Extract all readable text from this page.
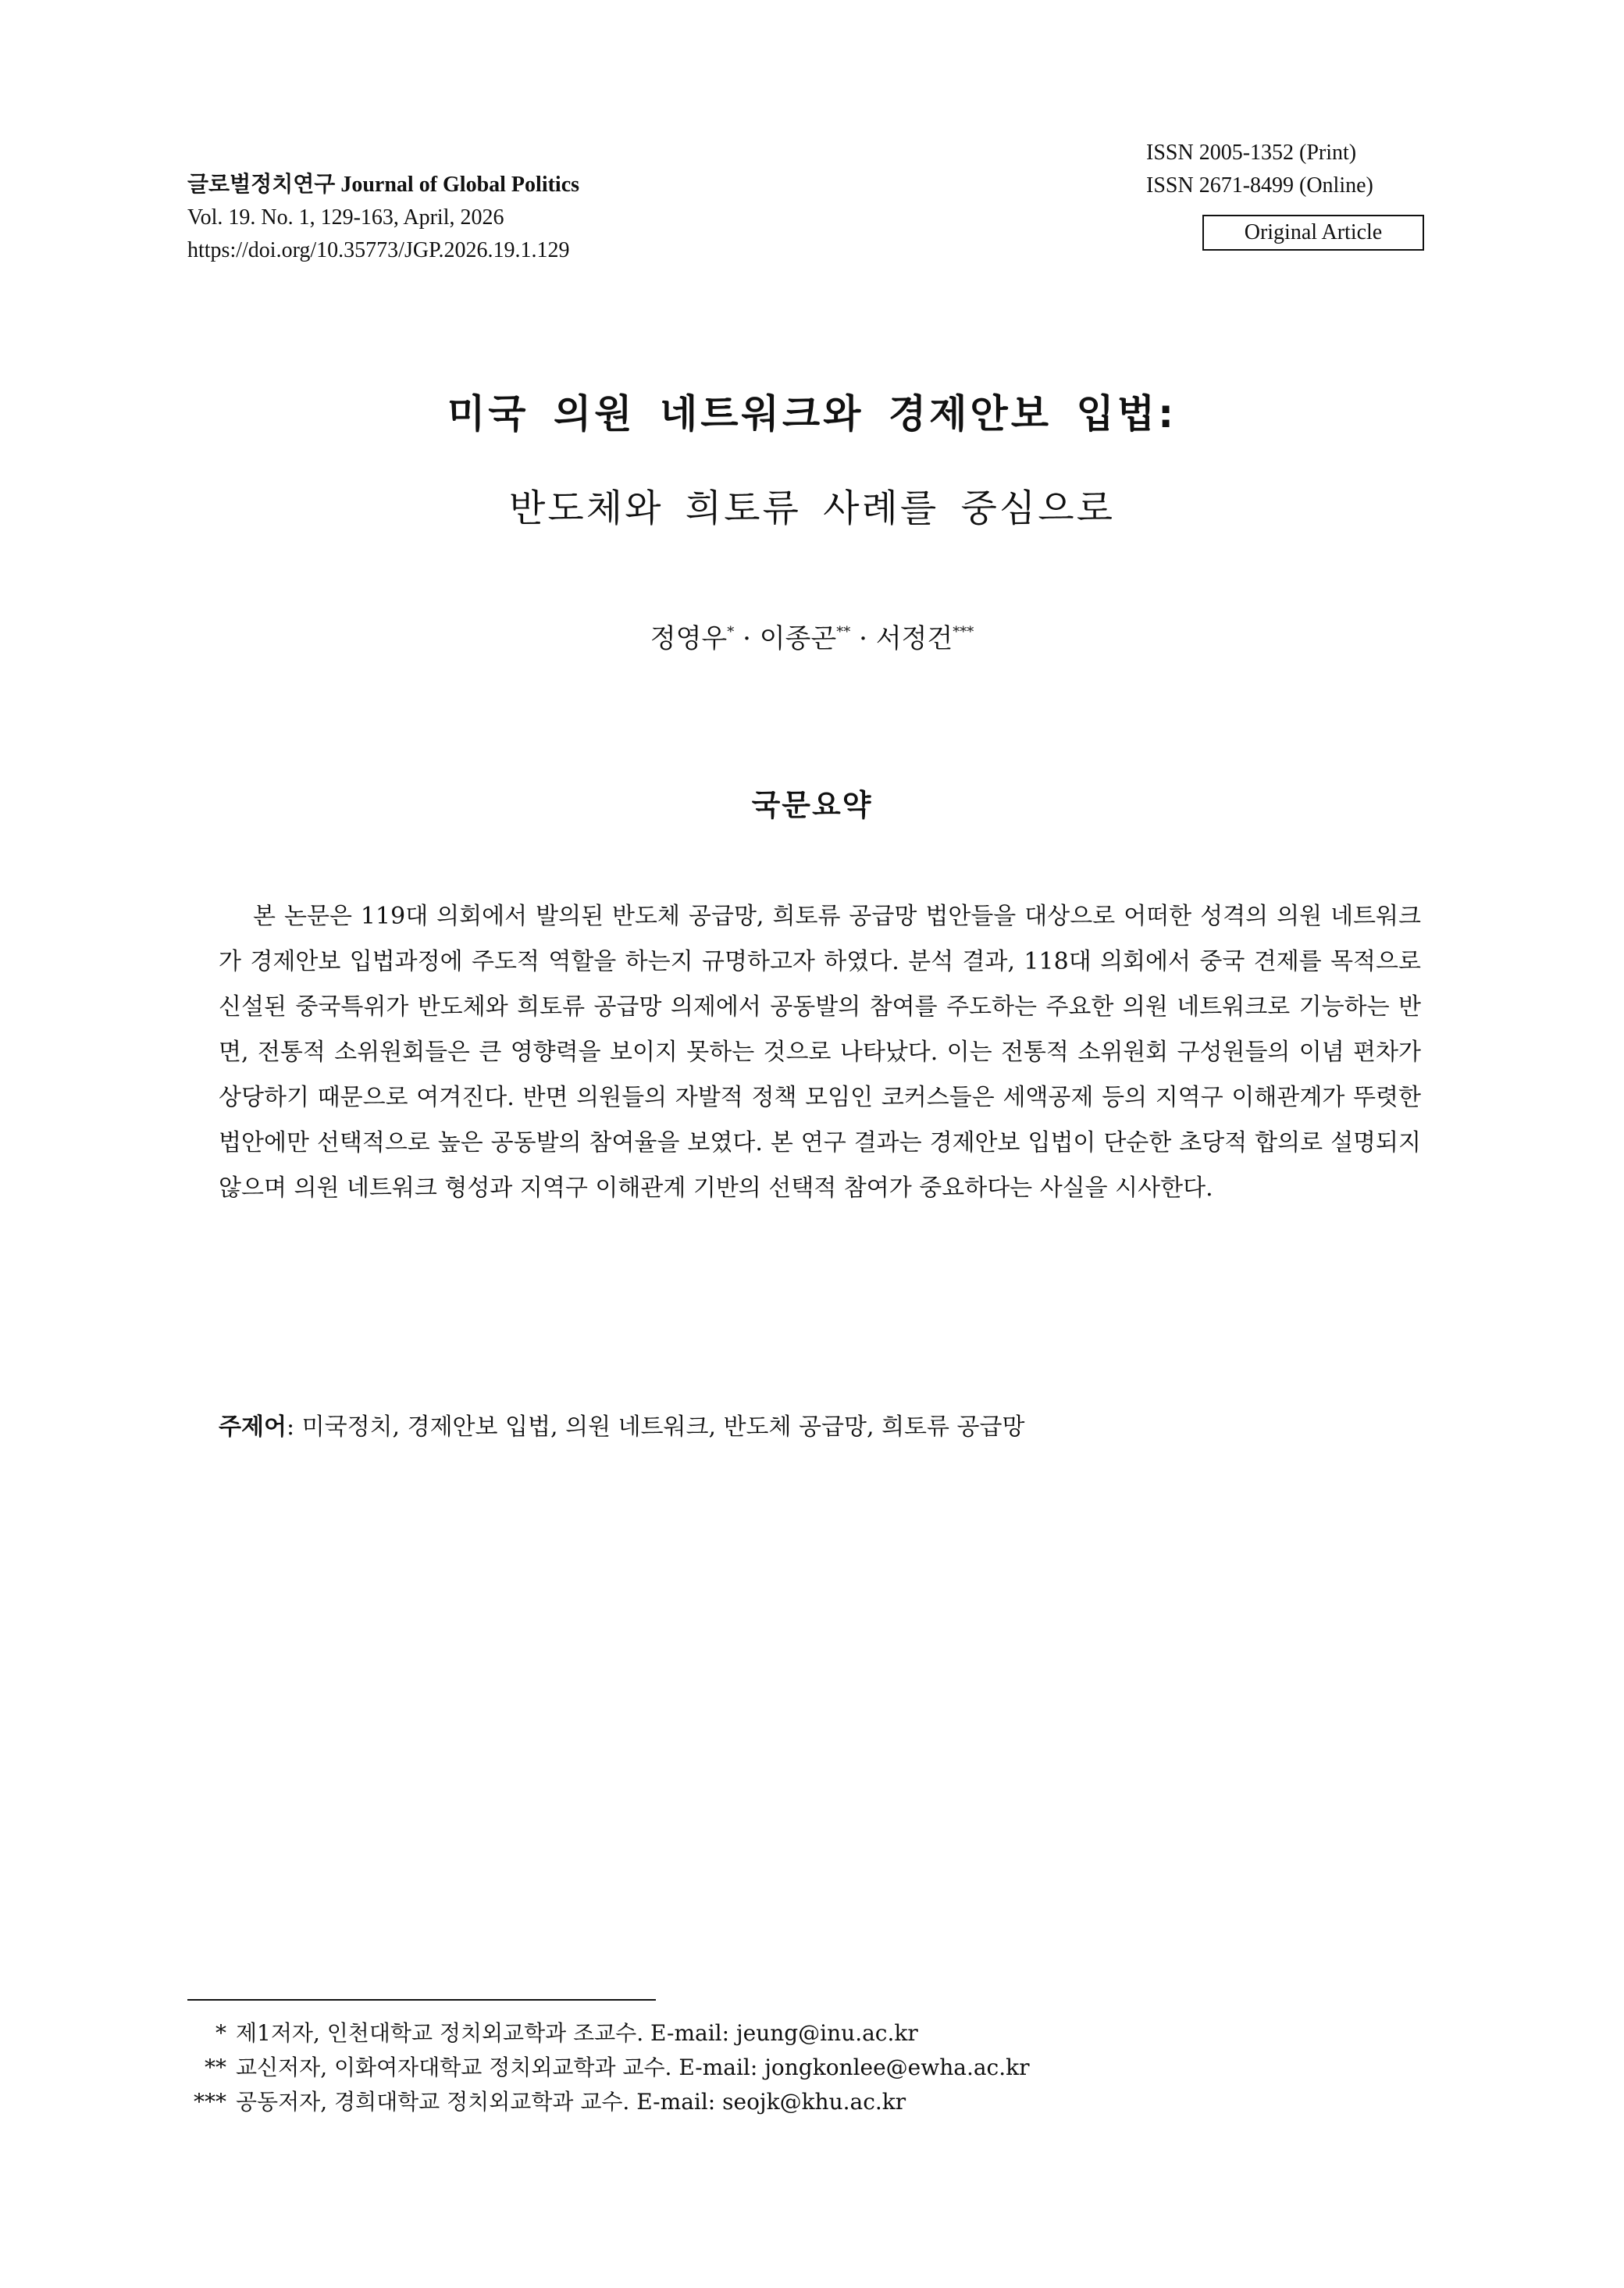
글로벌정치연구 Journal of Global Politics
Vol. 19. No. 1, 129-163, April, 2026
https://doi.org/10.35773/JGP.2026.19.1.129
ISSN 2005-1352 (Print)
ISSN 2671-8499 (Online)
Original Article
미국 의원 네트워크와 경제안보 입법:
반도체와 희토류 사례를 중심으로
정영우* · 이종곤** · 서정건***
국문요약

본 논문은 119대 의회에서 발의된 반도체 공급망, 희토류 공급망 법안들을 대상으로 어떠한 성격의 의원 네트워크가 경제안보 입법과정에 주도적 역할을 하는지 규명하고자 하였다. 분석 결과, 118대 의회에서 중국 견제를 목적으로 신설된 중국특위가 반도체와 희토류 공급망 의제에서 공동발의 참여를 주도하는 주요한 의원 네트워크로 기능하는 반면, 전통적 소위원회들은 큰 영향력을 보이지 못하는 것으로 나타났다. 이는 전통적 소위원회 구성원들의 이념 편차가 상당하기 때문으로 여겨진다. 반면 의원들의 자발적 정책 모임인 코커스들은 세액공제 등의 지역구 이해관계가 뚜렷한 법안에만 선택적으로 높은 공동발의 참여율을 보였다. 본 연구 결과는 경제안보 입법이 단순한 초당적 합의로 설명되지 않으며 의원 네트워크 형성과 지역구 이해관계 기반의 선택적 참여가 중요하다는 사실을 시사한다.

주제어: 미국정치, 경제안보 입법, 의원 네트워크, 반도체 공급망, 희토류 공급망
* 제1저자, 인천대학교 정치외교학과 조교수. E-mail: jeung@inu.ac.kr
** 교신저자, 이화여자대학교 정치외교학과 교수. E-mail: jongkonlee@ewha.ac.kr
*** 공동저자, 경희대학교 정치외교학과 교수. E-mail: seojk@khu.ac.kr
